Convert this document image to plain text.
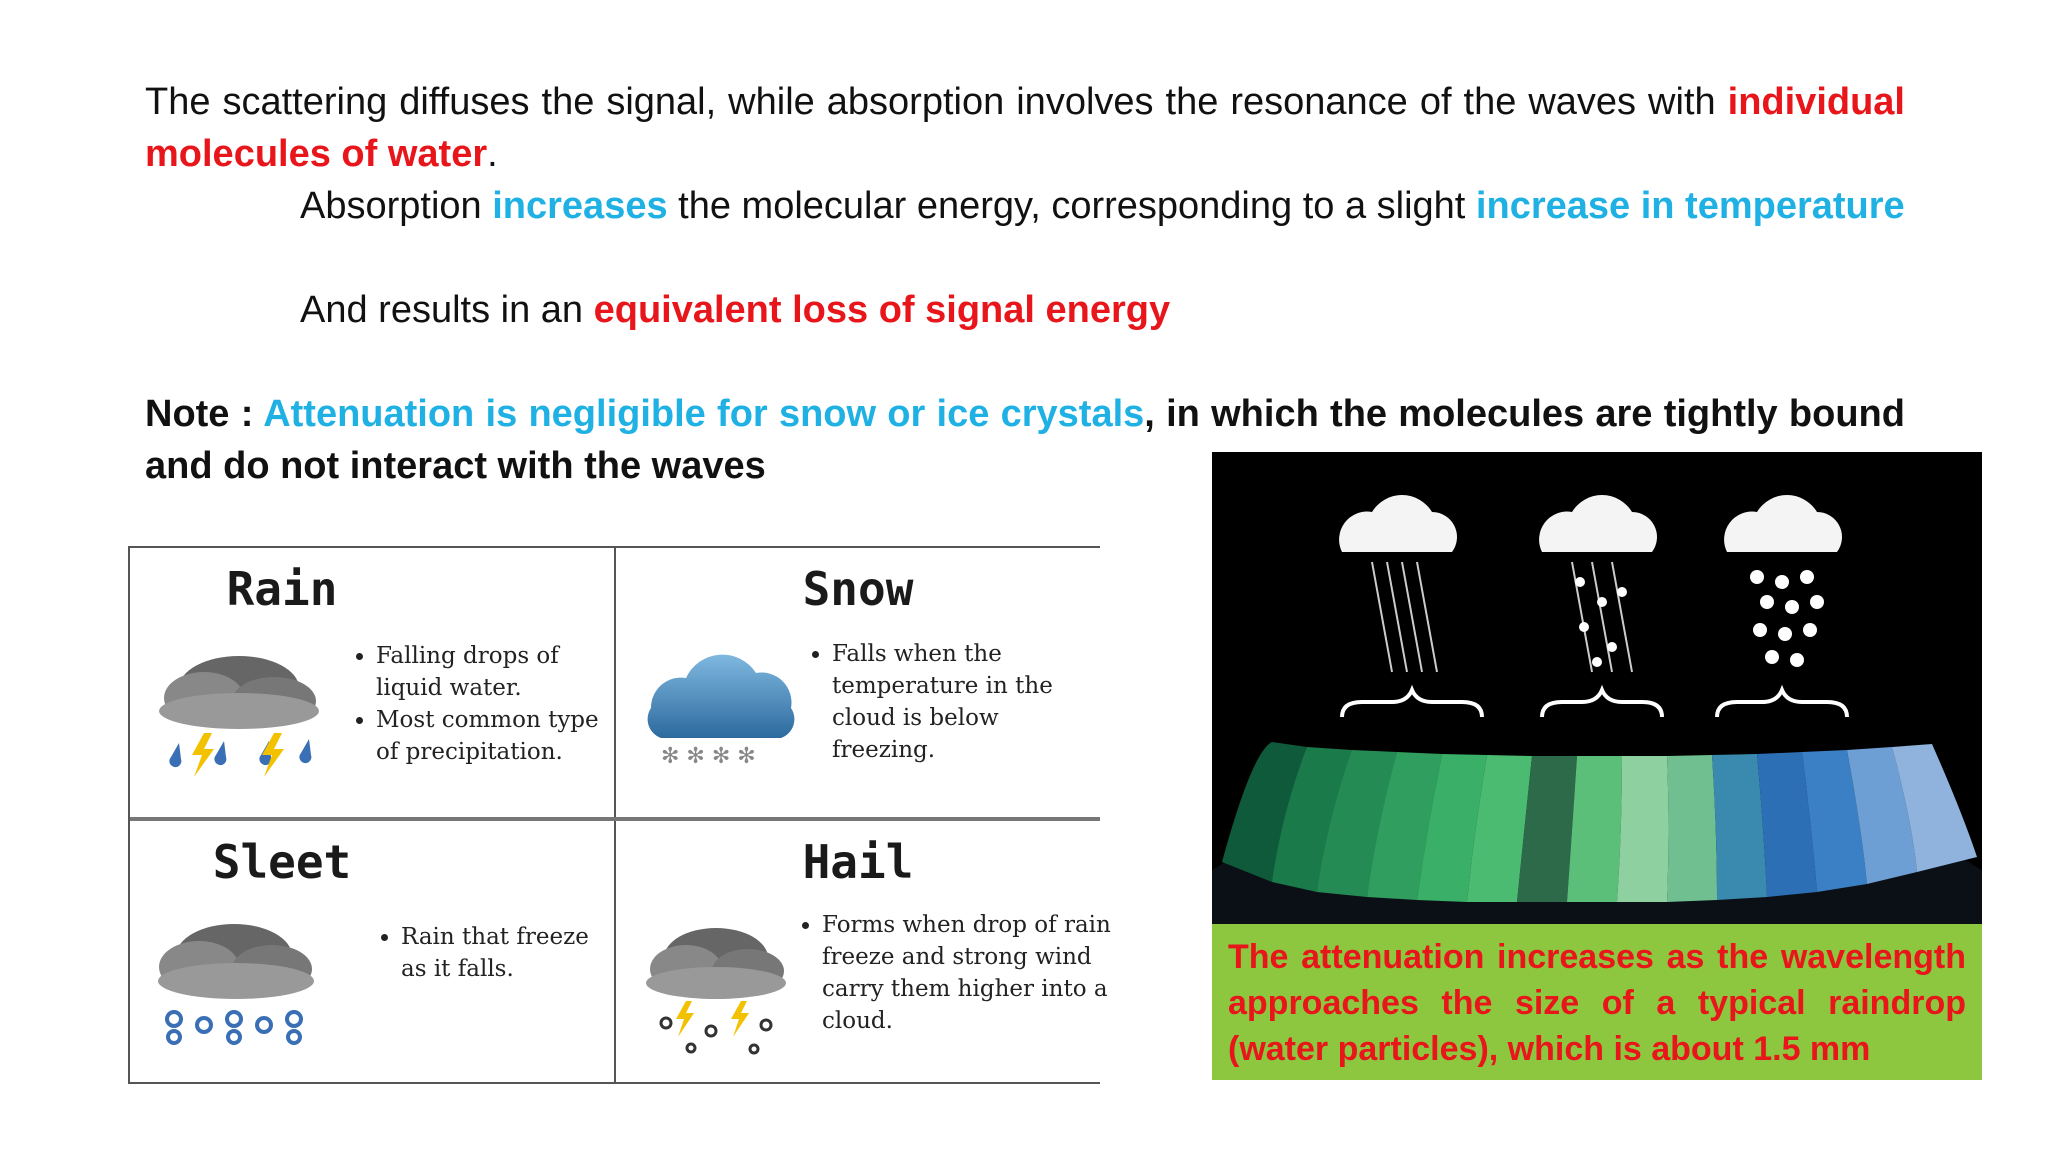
The scattering diffuses the signal, while absorption involves the resonance of the waves with individual molecules of water.
Absorption increases the molecular energy, corresponding to a slight increase in temperature
And results in an equivalent loss of signal energy
Note : Attenuation is negligible for snow or ice crystals, in which the molecules are tightly bound and do not interact with the waves
Rain
• Falling drops of liquid water.
• Most common type of precipitation.
Snow
✻ ✻ ✻ ✻
• Falls when the temperature in the cloud is below freezing.
Sleet
• Rain that freeze as it falls.
Hail
• Forms when drop of rain freeze and strong wind carry them higher into a cloud.
The attenuation increases as the wavelength approaches the size of a typical raindrop (water particles), which is about 1.5 mm
